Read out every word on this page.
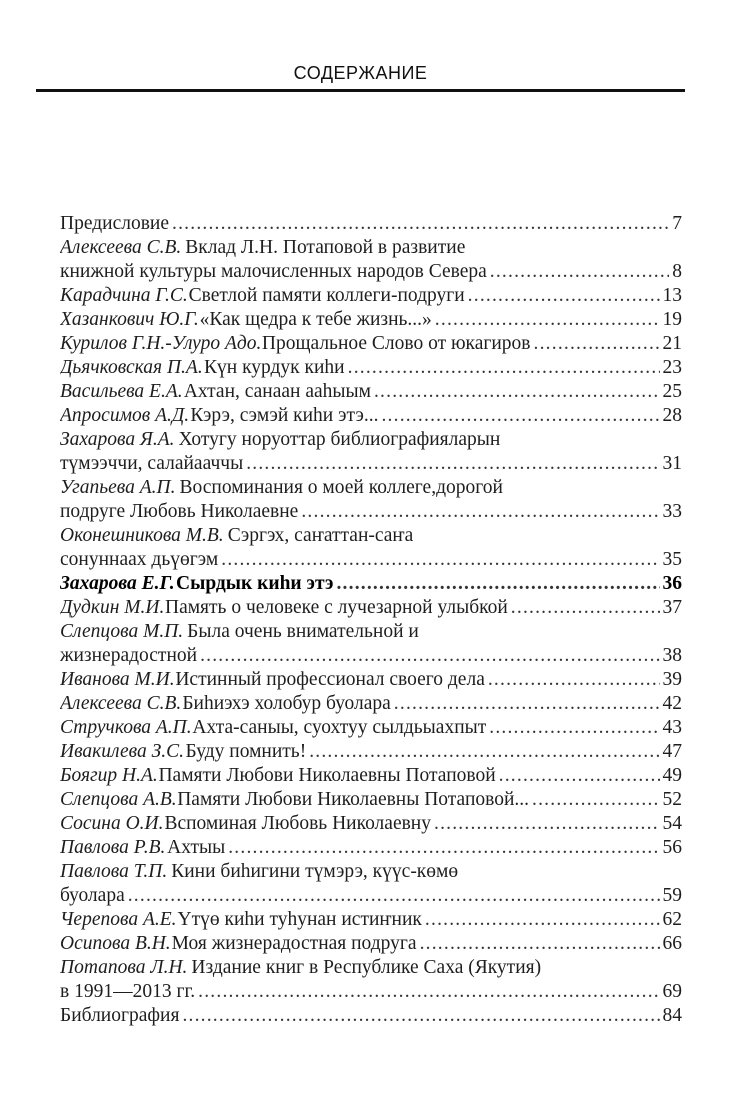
СОДЕРЖАНИЕ
Предисловие .....	7
Алексеева С.В. Вклад Л.Н. Потаповой в развитие
книжной культуры малочисленных народов Севера .....	8
Карадчина Г.С. Светлой памяти коллеги-подруги .....	13
Хазанкович Ю.Г. «Как щедра к тебе жизнь...» .....	19
Курилов Г.Н.-Улуро Адо. Прощальное Слово от юкагиров .....	21
Дьячковская П.А. Күн курдук киhи .....	23
Васильева Е.А. Ахтан, санаан ааhыым .....	25
Апросимов А.Д. Кэрэ, сэмэй киhи этэ... .....	28
Захарова Я.А. Хотугу норуоттар библиографияларын
түмээччи, салайааччы .....	31
Угапьева А.П. Воспоминания о моей коллеге,дорогой
подруге Любовь Николаевне .....	33
Оконешникова М.В. Сэргэх, саҥаттан-саҥа
сонуннаах дьүөгэм .....	35
Захарова Е.Г. Сырдык киhи этэ .....	36
Дудкин М.И. Память о человеке с лучезарной улыбкой .....	37
Слепцова М.П. Была очень внимательной и
жизнерадостной .....	38
Иванова М.И. Истинный профессионал своего дела .....	39
Алексеева С.В. Биhиэхэ холобур буолара .....	42
Стручкова А.П. Ахта-саныы, суохтуу сылдьыахпыт .....	43
Ивакилева З.С. Буду помнить! .....	47
Боягир Н.А. Памяти Любови Николаевны Потаповой .....	49
Слепцова А.В. Памяти Любови Николаевны Потаповой... .....	52
Сосина О.И. Вспоминая Любовь Николаевну .....	54
Павлова Р.В. Ахтыы .....	56
Павлова Т.П. Кини биhигини түмэрэ, күүс-көмө
буолара .....	59
Черепова А.Е. Үтүө киhи туhунан истиҥник .....	62
Осипова В.Н. Моя жизнерадостная подруга .....	66
Потапова Л.Н. Издание книг в Республике Саха (Якутия)
в 1991—2013 гг. .....	69
Библиография .....	84
